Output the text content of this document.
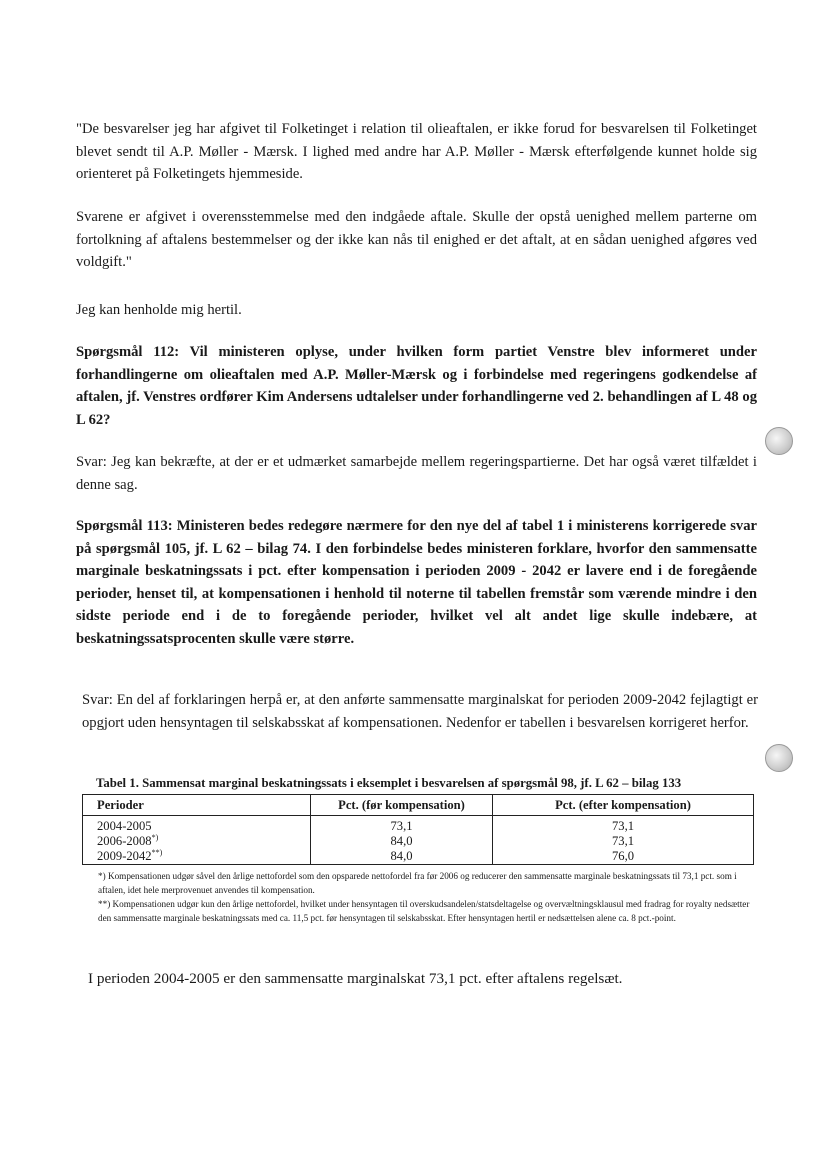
"De besvarelser jeg har afgivet til Folketinget i relation til olieaftalen, er ikke forud for besvarelsen til Folketinget blevet sendt til A.P. Møller - Mærsk. I lighed med andre har A.P. Møller - Mærsk efterfølgende kunnet holde sig orienteret på Folketingets hjemmeside.

Svarene er afgivet i overensstemmelse med den indgåede aftale. Skulle der opstå uenighed mellem parterne om fortolkning af aftalens bestemmelser og der ikke kan nås til enighed er det aftalt, at en sådan uenighed afgøres ved voldgift."

Jeg kan henholde mig hertil.

Spørgsmål 112: Vil ministeren oplyse, under hvilken form partiet Venstre blev informeret under forhandlingerne om olieaftalen med A.P. Møller-Mærsk og i forbindelse med regeringens godkendelse af aftalen, jf. Venstres ordfører Kim Andersens udtalelser under forhandlingerne ved 2. behandlingen af L 48 og L 62?

Svar: Jeg kan bekræfte, at der er et udmærket samarbejde mellem regeringspartierne. Det har også været tilfældet i denne sag.

Spørgsmål 113: Ministeren bedes redegøre nærmere for den nye del af tabel 1 i ministerens korrigerede svar på spørgsmål 105, jf. L 62 – bilag 74. I den forbindelse bedes ministeren forklare, hvorfor den sammensatte marginale beskatningssats i pct. efter kompensation i perioden 2009 - 2042 er lavere end i de foregående perioder, henset til, at kompensationen i henhold til noterne til tabellen fremstår som værende mindre i den sidste periode end i de to foregående perioder, hvilket vel alt andet lige skulle indebære, at beskatningssatsprocenten skulle være større.

Svar: En del af forklaringen herpå er, at den anførte sammensatte marginalskat for perioden 2009-2042 fejlagtigt er opgjort uden hensyntagen til selskabsskat af kompensationen. Nedenfor er tabellen i besvarelsen korrigeret herfor.

Tabel 1. Sammensat marginal beskatningssats i eksemplet i besvarelsen af spørgsmål 98, jf. L 62 – bilag 133
Perioder	Pct. (før kompensation)	Pct. (efter kompensation)
2004-2005	73,1	73,1
2006-2008*)	84,0	73,1
2009-2042**)	84,0	76,0

*) Kompensationen udgør såvel den årlige nettofordel som den opsparede nettofordel fra før 2006 og reducerer den sammensatte marginale beskatningssats til 73,1 pct. som i aftalen, idet hele merprovenuet anvendes til kompensation.

**) Kompensationen udgør kun den årlige nettofordel, hvilket under hensyntagen til overskudsandelen/statsdeltagelse og overvæltningsklausul med fradrag for royalty nedsætter den sammensatte marginale beskatningssats med ca. 11,5 pct. før hensyntagen til selskabsskat. Efter hensyntagen hertil er nedsættelsen alene ca. 8 pct.-point.

I perioden 2004-2005 er den sammensatte marginalskat 73,1 pct. efter aftalens regelsæt.
